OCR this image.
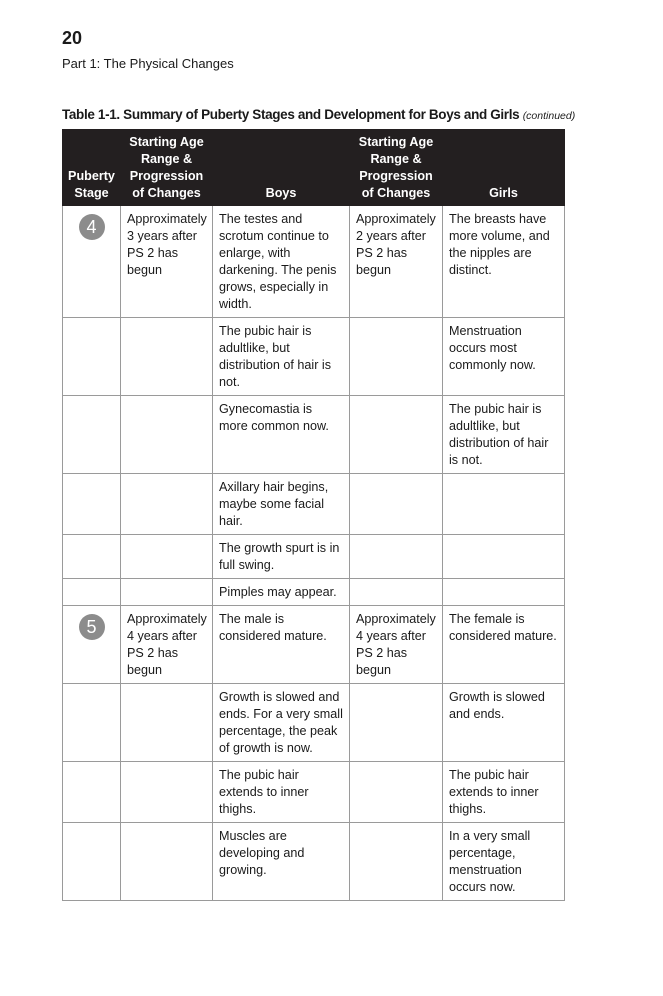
20
Part 1: The Physical Changes
Table 1-1. Summary of Puberty Stages and Development for Boys and Girls (continued)
Puberty Stage	Starting Age Range & Progression of Changes	Boys	Starting Age Range & Progression of Changes	Girls
4	Approximately 3 years after PS 2 has begun	The testes and scrotum continue to enlarge, with darkening. The penis grows, especially in width.	Approximately 2 years after PS 2 has begun	The breasts have more volume, and the nipples are distinct.
		The pubic hair is adultlike, but distribution of hair is not.		Menstruation occurs most commonly now.
		Gynecomastia is more common now.		The pubic hair is adultlike, but distribution of hair is not.
		Axillary hair begins, maybe some facial hair.		
		The growth spurt is in full swing.		
		Pimples may appear.		
5	Approximately 4 years after PS 2 has begun	The male is considered mature.	Approximately 4 years after PS 2 has begun	The female is considered mature.
		Growth is slowed and ends. For a very small percentage, the peak of growth is now.		Growth is slowed and ends.
		The pubic hair extends to inner thighs.		The pubic hair extends to inner thighs.
		Muscles are developing and growing.		In a very small percentage, menstruation occurs now.
